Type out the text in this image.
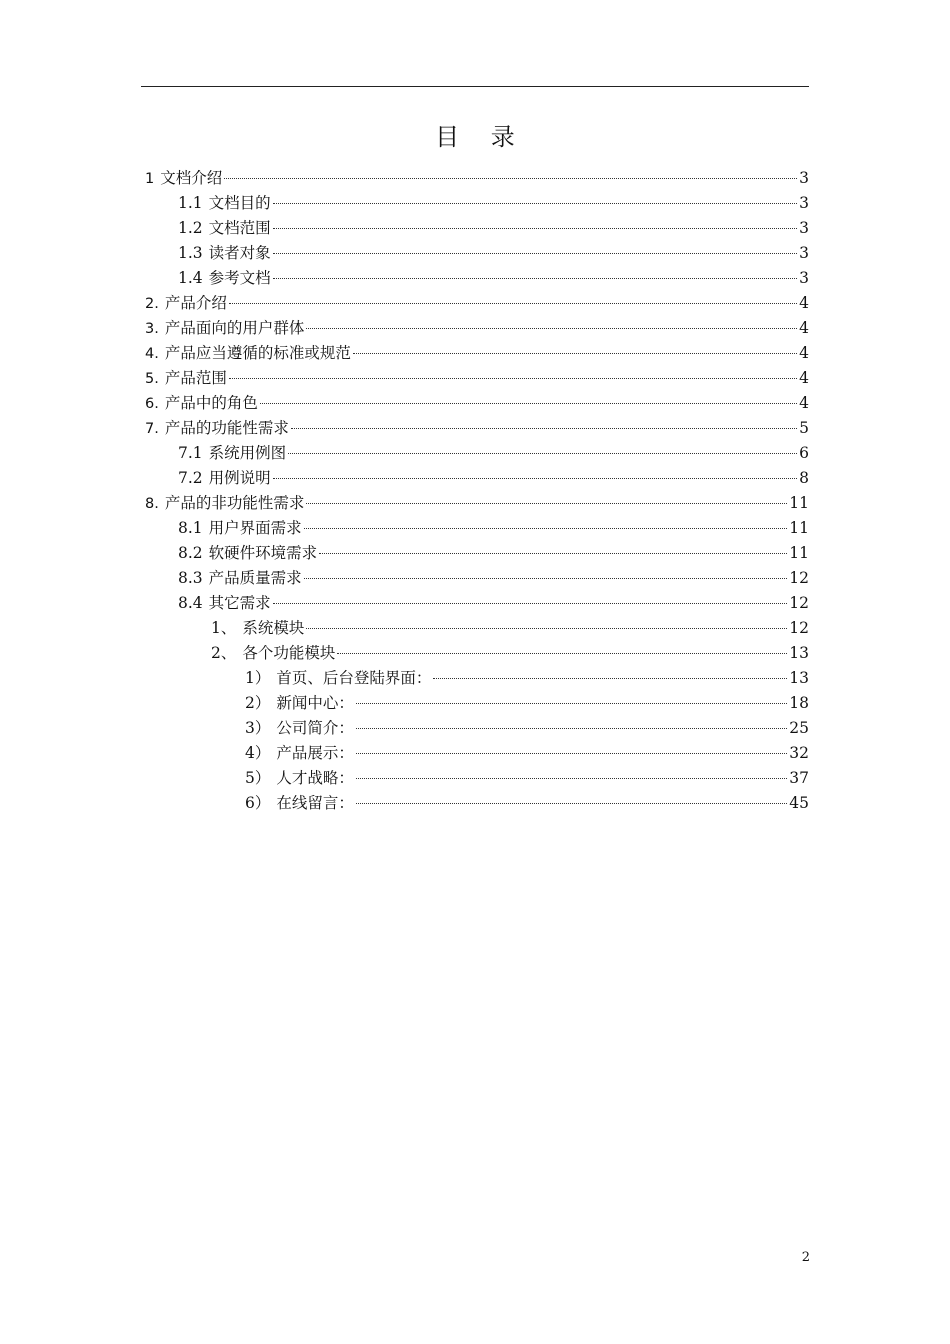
目 录
1 文档介绍	3
1.1 文档目的	3
1.2 文档范围	3
1.3 读者对象	3
1.4 参考文档	3
2. 产品介绍	4
3. 产品面向的用户群体	4
4. 产品应当遵循的标准或规范	4
5. 产品范围	4
6. 产品中的角色	4
7. 产品的功能性需求	5
7.1 系统用例图	6
7.2 用例说明	8
8. 产品的非功能性需求	11
8.1 用户界面需求	11
8.2 软硬件环境需求	11
8.3 产品质量需求	12
8.4 其它需求	12
1、 系统模块	12
2、 各个功能模块	13
1） 首页、后台登陆界面：	13
2） 新闻中心：	18
3） 公司简介：	25
4） 产品展示：	32
5） 人才战略：	37
6） 在线留言：	45
2
